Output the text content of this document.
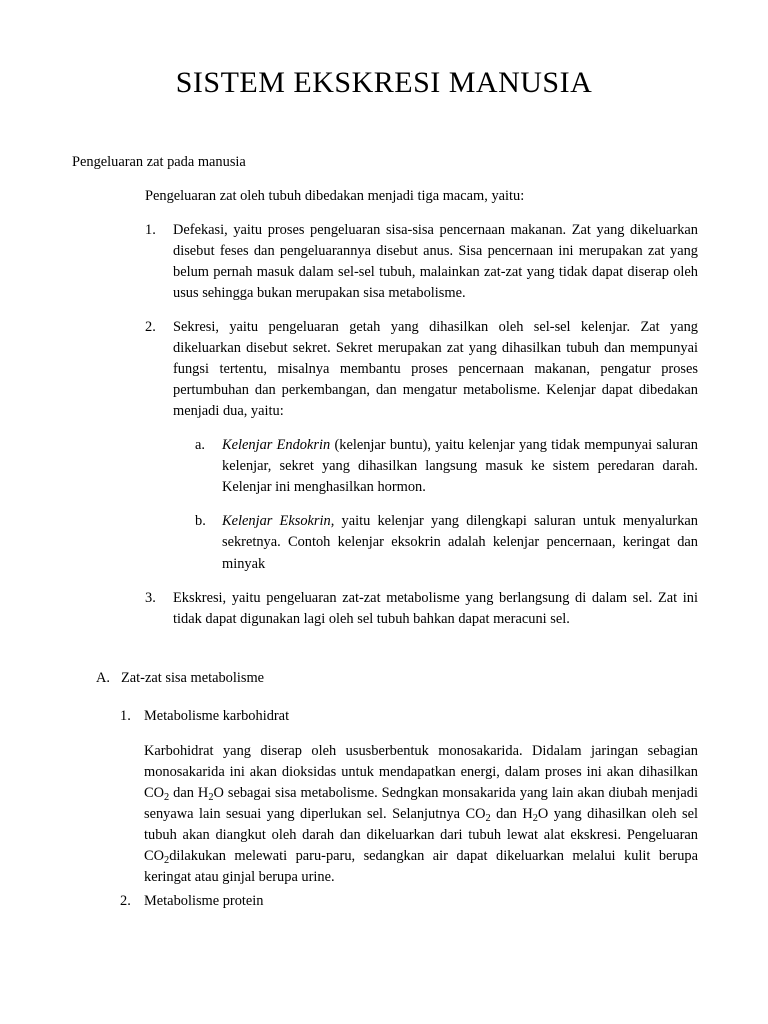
SISTEM EKSKRESI MANUSIA

Pengeluaran zat pada manusia

Pengeluaran zat oleh tubuh dibedakan menjadi tiga macam, yaitu:

1.	Defekasi, yaitu proses pengeluaran sisa-sisa pencernaan makanan. Zat yang dikeluarkan disebut feses dan pengeluarannya disebut anus. Sisa pencernaan ini merupakan zat yang belum pernah masuk dalam sel-sel tubuh, malainkan zat-zat yang tidak dapat diserap oleh usus sehingga bukan merupakan sisa metabolisme.
2.	Sekresi, yaitu pengeluaran getah yang dihasilkan oleh sel-sel kelenjar. Zat yang dikeluarkan disebut sekret. Sekret merupakan zat yang dihasilkan tubuh dan mempunyai fungsi tertentu, misalnya membantu proses pencernaan makanan, pengatur proses pertumbuhan dan perkembangan, dan mengatur metabolisme. Kelenjar dapat dibedakan menjadi dua, yaitu:
a.	Kelenjar Endokrin (kelenjar buntu), yaitu kelenjar yang tidak mempunyai saluran kelenjar, sekret yang dihasilkan langsung masuk ke sistem peredaran darah. Kelenjar ini menghasilkan hormon.
b.	Kelenjar Eksokrin, yaitu kelenjar yang dilengkapi saluran untuk menyalurkan sekretnya. Contoh kelenjar eksokrin adalah kelenjar pencernaan, keringat dan minyak
3.	Ekskresi, yaitu pengeluaran zat-zat metabolisme yang berlangsung di dalam sel. Zat ini tidak dapat digunakan lagi oleh sel tubuh bahkan dapat meracuni sel.

A. Zat-zat sisa metabolisme

1. Metabolisme karbohidrat

Karbohidrat yang diserap oleh ususberbentuk monosakarida. Didalam jaringan sebagian monosakarida ini akan dioksidas untuk mendapatkan energi, dalam proses ini akan dihasilkan $CO_2$ dan $H_2O$ sebagai sisa metabolisme. Sedngkan monsakarida yang lain akan diubah menjadi senyawa lain sesuai yang diperlukan sel. Selanjutnya $CO_2$ dan $H_2O$ yang dihasilkan oleh sel tubuh akan diangkut oleh darah dan dikeluarkan dari tubuh lewat alat ekskresi. Pengeluaran $CO_2dilakukan$ melewati paru-paru, sedangkan air dapat dikeluarkan melalui kulit berupa keringat atau ginjal berupa urine.

2. Metabolisme protein
